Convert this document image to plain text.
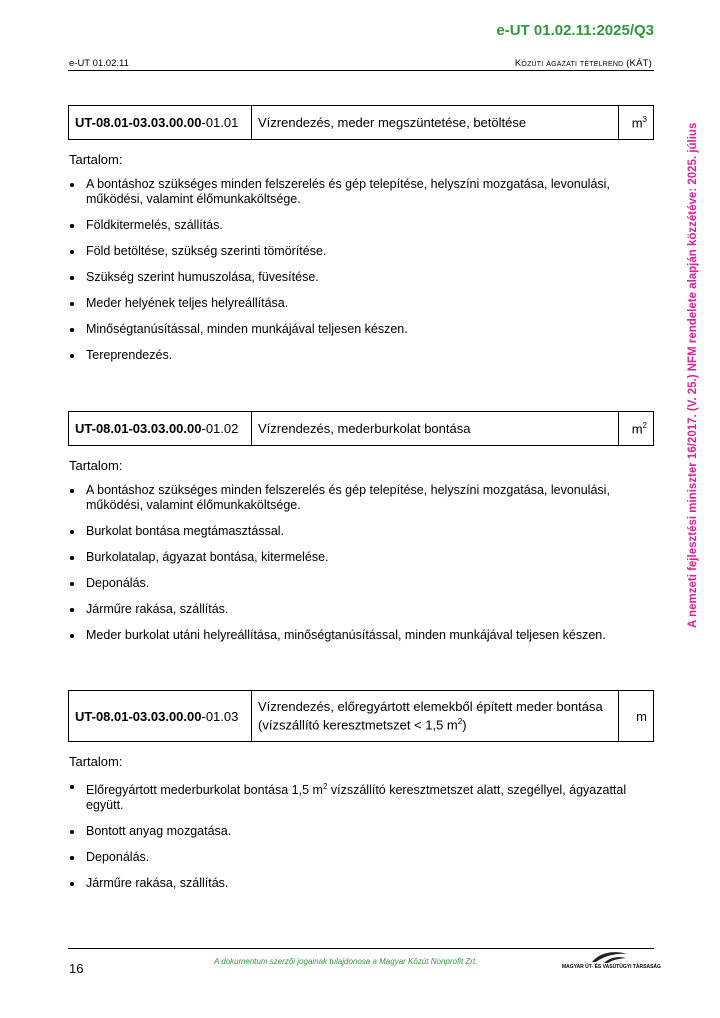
e-UT 01.02.11:2025/Q3
e-UT 01.02.11	Közúti ágazati tételrend (KÁT)
A nemzeti fejlesztési miniszter 16/2017. (V. 25.) NFM rendelete alapján közzétéve: 2025. július
UT-08.01-03.03.00.00-01.01	Vízrendezés, meder megszüntetése, betöltése	$m^3$
Tartalom:
A bontáshoz szükséges minden felszerelés és gép telepítése, helyszíni mozgatása, levonulási, működési, valamint élőmunkaköltsége.
Földkitermelés, szállítás.
Föld betöltése, szükség szerinti tömörítése.
Szükség szerint humuszolása, füvesítése.
Meder helyének teljes helyreállítása.
Minőségtanúsítással, minden munkájával teljesen készen.
Tereprendezés.
UT-08.01-03.03.00.00-01.02	Vízrendezés, mederburkolat bontása	$m^2$
Tartalom:
A bontáshoz szükséges minden felszerelés és gép telepítése, helyszíni mozgatása, levonulási, működési, valamint élőmunkaköltsége.
Burkolat bontása megtámasztással.
Burkolatalap, ágyazat bontása, kitermelése.
Deponálás.
Járműre rakása, szállítás.
Meder burkolat utáni helyreállítása, minőségtanúsítással, minden munkájával teljesen készen.
UT-08.01-03.03.00.00-01.03	Vízrendezés, előregyártott elemekből épített meder bontása
(vízszállító keresztmetszet < 1,5 $m^2$)	m
Tartalom:
Előregyártott mederburkolat bontása 1,5 $m^2$ vízszállító keresztmetszet alatt, szegéllyel, ágyazattal együtt.
Bontott anyag mozgatása.
Deponálás.
Járműre rakása, szállítás.
16	A dokumentum szerzői jogainak tulajdonosa a Magyar Közút Nonprofit Zrt.
MAGYAR ÚT- ÉS VASÚTÜGYI TÁRSASÁG
